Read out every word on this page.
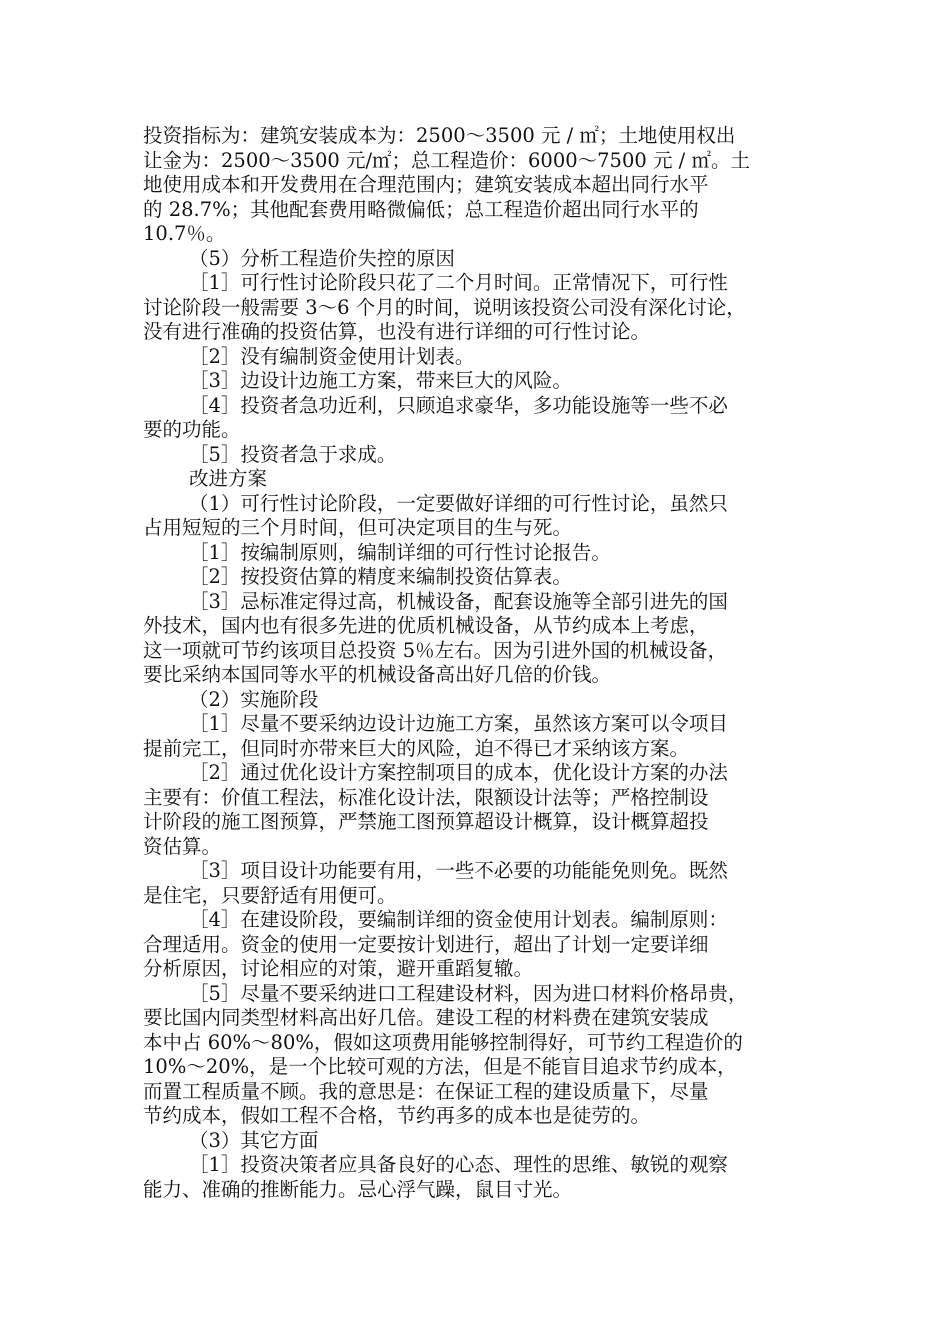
投资指标为：建筑安装成本为：2500～3500 元 / ㎡；土地使用权出
让金为：2500～3500 元/㎡；总工程造价：6000～7500 元 / ㎡。土
地使用成本和开发费用在合理范围内；建筑安装成本超出同行水平
的 28.7%；其他配套费用略微偏低；总工程造价超出同行水平的
10.7％。
（5）分析工程造价失控的原因
［1］可行性讨论阶段只花了二个月时间。正常情况下，可行性
讨论阶段一般需要 3～6 个月的时间，说明该投资公司没有深化讨论，
没有进行准确的投资估算，也没有进行详细的可行性讨论。
［2］没有编制资金使用计划表。
［3］边设计边施工方案，带来巨大的风险。
［4］投资者急功近利，只顾追求豪华，多功能设施等一些不必
要的功能。
［5］投资者急于求成。
改进方案
（1）可行性讨论阶段，一定要做好详细的可行性讨论，虽然只
占用短短的三个月时间，但可决定项目的生与死。
［1］按编制原则，编制详细的可行性讨论报告。
［2］按投资估算的精度来编制投资估算表。
［3］忌标准定得过高，机械设备，配套设施等全部引进先的国
外技术，国内也有很多先进的优质机械设备，从节约成本上考虑，
这一项就可节约该项目总投资 5％左右。因为引进外国的机械设备，
要比采纳本国同等水平的机械设备高出好几倍的价钱。
（2）实施阶段
［1］尽量不要采纳边设计边施工方案，虽然该方案可以令项目
提前完工，但同时亦带来巨大的风险，迫不得已才采纳该方案。
［2］通过优化设计方案控制项目的成本，优化设计方案的办法
主要有：价值工程法，标准化设计法，限额设计法等；严格控制设
计阶段的施工图预算，严禁施工图预算超设计概算，设计概算超投
资估算。
［3］项目设计功能要有用，一些不必要的功能能免则免。既然
是住宅，只要舒适有用便可。
［4］在建设阶段，要编制详细的资金使用计划表。编制原则：
合理适用。资金的使用一定要按计划进行，超出了计划一定要详细
分析原因，讨论相应的对策，避开重蹈复辙。
［5］尽量不要采纳进口工程建设材料，因为进口材料价格昂贵，
要比国内同类型材料高出好几倍。建设工程的材料费在建筑安装成
本中占 60%～80%，假如这项费用能够控制得好，可节约工程造价的
10%～20%，是一个比较可观的方法，但是不能盲目追求节约成本，
而置工程质量不顾。我的意思是：在保证工程的建设质量下，尽量
节约成本，假如工程不合格，节约再多的成本也是徒劳的。
（3）其它方面
［1］投资决策者应具备良好的心态、理性的思维、敏锐的观察
能力、准确的推断能力。忌心浮气躁，鼠目寸光。
